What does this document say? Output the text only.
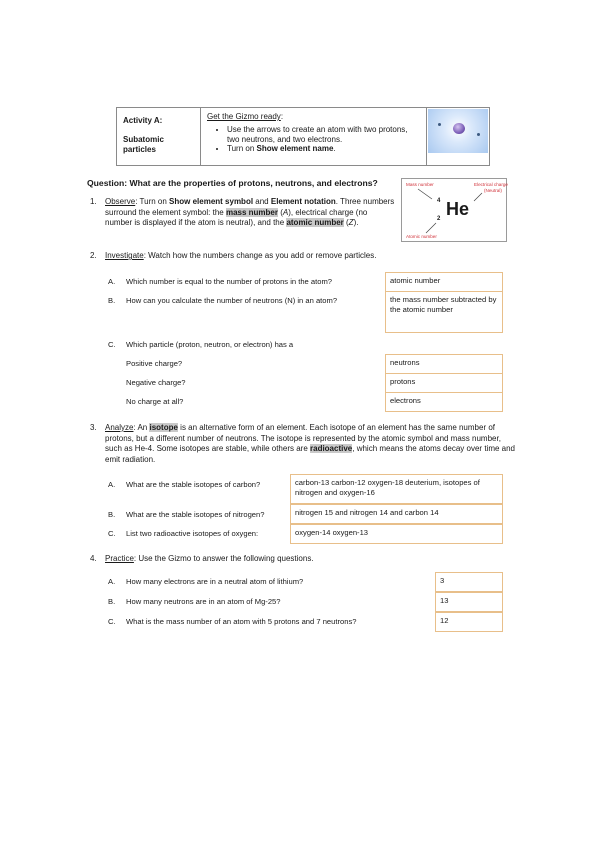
Activity A:
Subatomic particles
Get the Gizmo ready:
• Use the arrows to create an atom with two protons, two neutrons, and two electrons.
• Turn on Show element name.
Question: What are the properties of protons, neutrons, and electrons?
1. Observe: Turn on Show element symbol and Element notation. Three numbers surround the element symbol: the mass number (A), electrical charge (no number is displayed if the atom is neutral), and the atomic number (Z).
Mass number	Electrical charge
(Neutral)
4 He
2
Atomic number
2. Investigate: Watch how the numbers change as you add or remove particles.
A. Which number is equal to the number of protons in the atom?	atomic number
B. How can you calculate the number of neutrons (N) in an atom?	the mass number subtracted by the atomic number
C. Which particle (proton, neutron, or electron) has a
Positive charge?	neutrons
Negative charge?	protons
No charge at all?	electrons
3. Analyze: An isotope is an alternative form of an element. Each isotope of an element has the same number of protons, but a different number of neutrons. The isotope is represented by the atomic symbol and mass number, such as He-4. Some isotopes are stable, while others are radioactive, which means the atoms decay over time and emit radiation.
A. What are the stable isotopes of carbon?	carbon-13 carbon-12 oxygen-18 deuterium, isotopes of nitrogen and oxygen-16
B. What are the stable isotopes of nitrogen?	nitrogen 15 and nitrogen 14 and carbon 14
C. List two radioactive isotopes of oxygen:	oxygen-14 oxygen-13
4. Practice: Use the Gizmo to answer the following questions.
A. How many electrons are in a neutral atom of lithium?	3
B. How many neutrons are in an atom of Mg-25?	13
C. What is the mass number of an atom with 5 protons and 7 neutrons?	12
